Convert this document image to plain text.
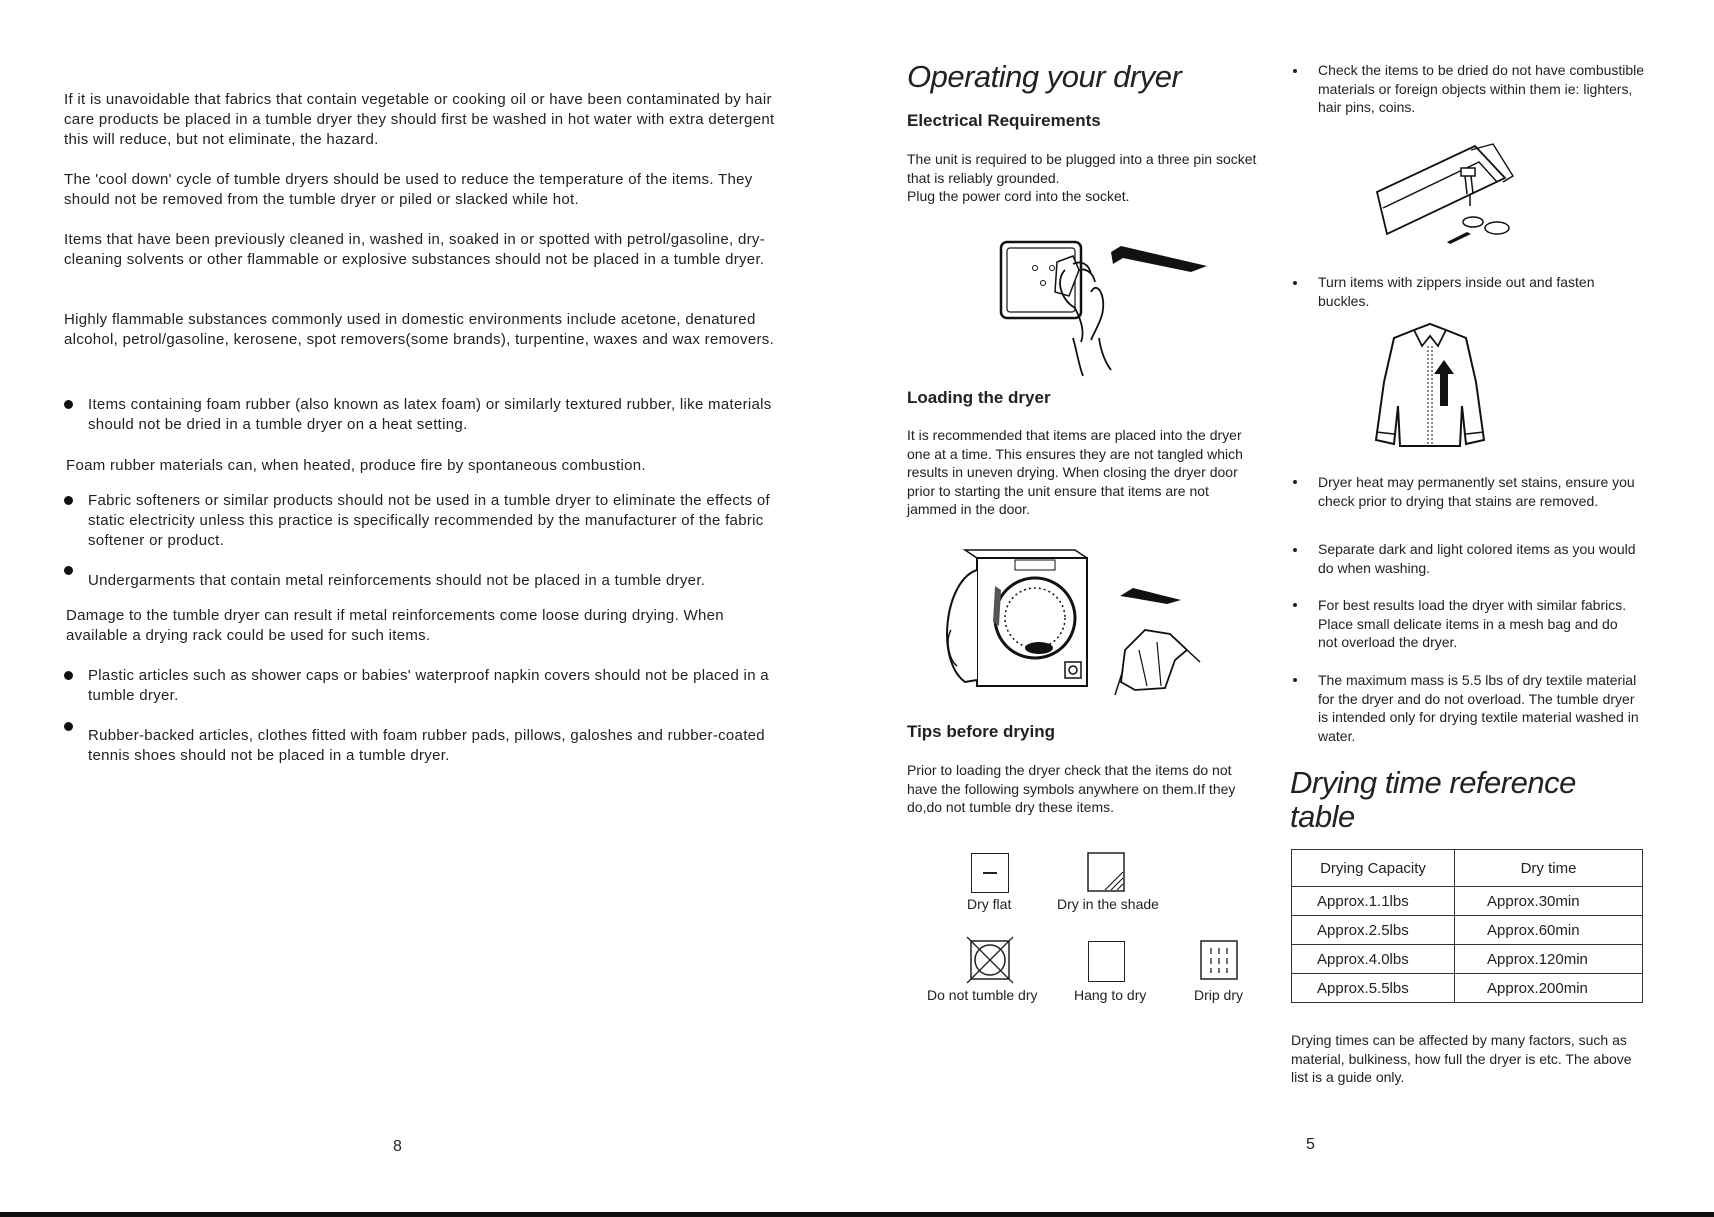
If it is unavoidable that fabrics that contain vegetable or cooking oil or have been contaminated by hair care products be placed in a tumble dryer they should first be washed in hot water with extra detergent this will reduce, but not eliminate, the hazard.

The 'cool down' cycle of tumble dryers should be used to reduce the temperature of the items. They should not be removed from the tumble dryer or piled or slacked while hot.

Items that have been previously cleaned in, washed in, soaked in or spotted with petrol/gasoline, dry-cleaning solvents or other flammable or explosive substances should not be placed in a tumble dryer.

Highly flammable substances commonly used in domestic environments include acetone, denatured alcohol, petrol/gasoline, kerosene, spot removers(some brands), turpentine, waxes and wax removers.

Items containing foam rubber (also known as latex foam) or similarly textured rubber, like materials should not be dried in a tumble dryer on a heat setting.

Foam rubber materials can, when heated, produce fire by spontaneous combustion.

Fabric softeners or similar products should not be used in a tumble dryer to eliminate the effects of static electricity unless this practice is specifically recommended by the manufacturer of the fabric softener or product.

Undergarments that contain metal reinforcements should not be placed in a tumble dryer.

Damage to the tumble dryer can result if metal reinforcements come loose during drying. When available a drying rack could be used for such items.

Plastic articles such as shower caps or babies' waterproof napkin covers should not be placed in a tumble dryer.

Rubber-backed articles, clothes fitted with foam rubber pads, pillows, galoshes and rubber-coated tennis shoes should not be placed in a tumble dryer.

8
Operating your dryer
Electrical Requirements

The unit is required to be plugged into a three pin socket that is reliably grounded.

Plug the power cord into the socket.

Loading the dryer

It is recommended that items are placed into the dryer one at a time. This ensures they are not tangled which results in uneven drying. When closing the dryer door prior to starting the unit ensure that items are not jammed in the door.

Tips before drying

Prior to loading the dryer check that the items do not have the following symbols anywhere on them.If they do,do not tumble dry these items.

Dry flat	Dry in the shade
Do not tumble dry	Hang to dry	Drip dry

Check the items to be dried do not have combustible materials or foreign objects within them ie: lighters, hair pins, coins.

Turn items with zippers inside out and fasten buckles.

Dryer heat may permanently set stains, ensure you check prior to drying that stains are removed.

Separate dark and light colored items as you would do when washing.

For best results load the dryer with similar fabrics. Place small delicate items in a mesh bag and do not overload the dryer.

The maximum mass is 5.5 lbs of dry textile material for the dryer and do not overload. The tumble dryer is intended only for drying textile material washed in water.

Drying time reference
table
Drying Capacity	Dry time
Approx.1.1lbs	Approx.30min
Approx.2.5lbs	Approx.60min
Approx.4.0lbs	Approx.120min
Approx.5.5lbs	Approx.200min

Drying times can be affected by many factors, such as material, bulkiness, how full the dryer is etc. The above list is a guide only.

5
